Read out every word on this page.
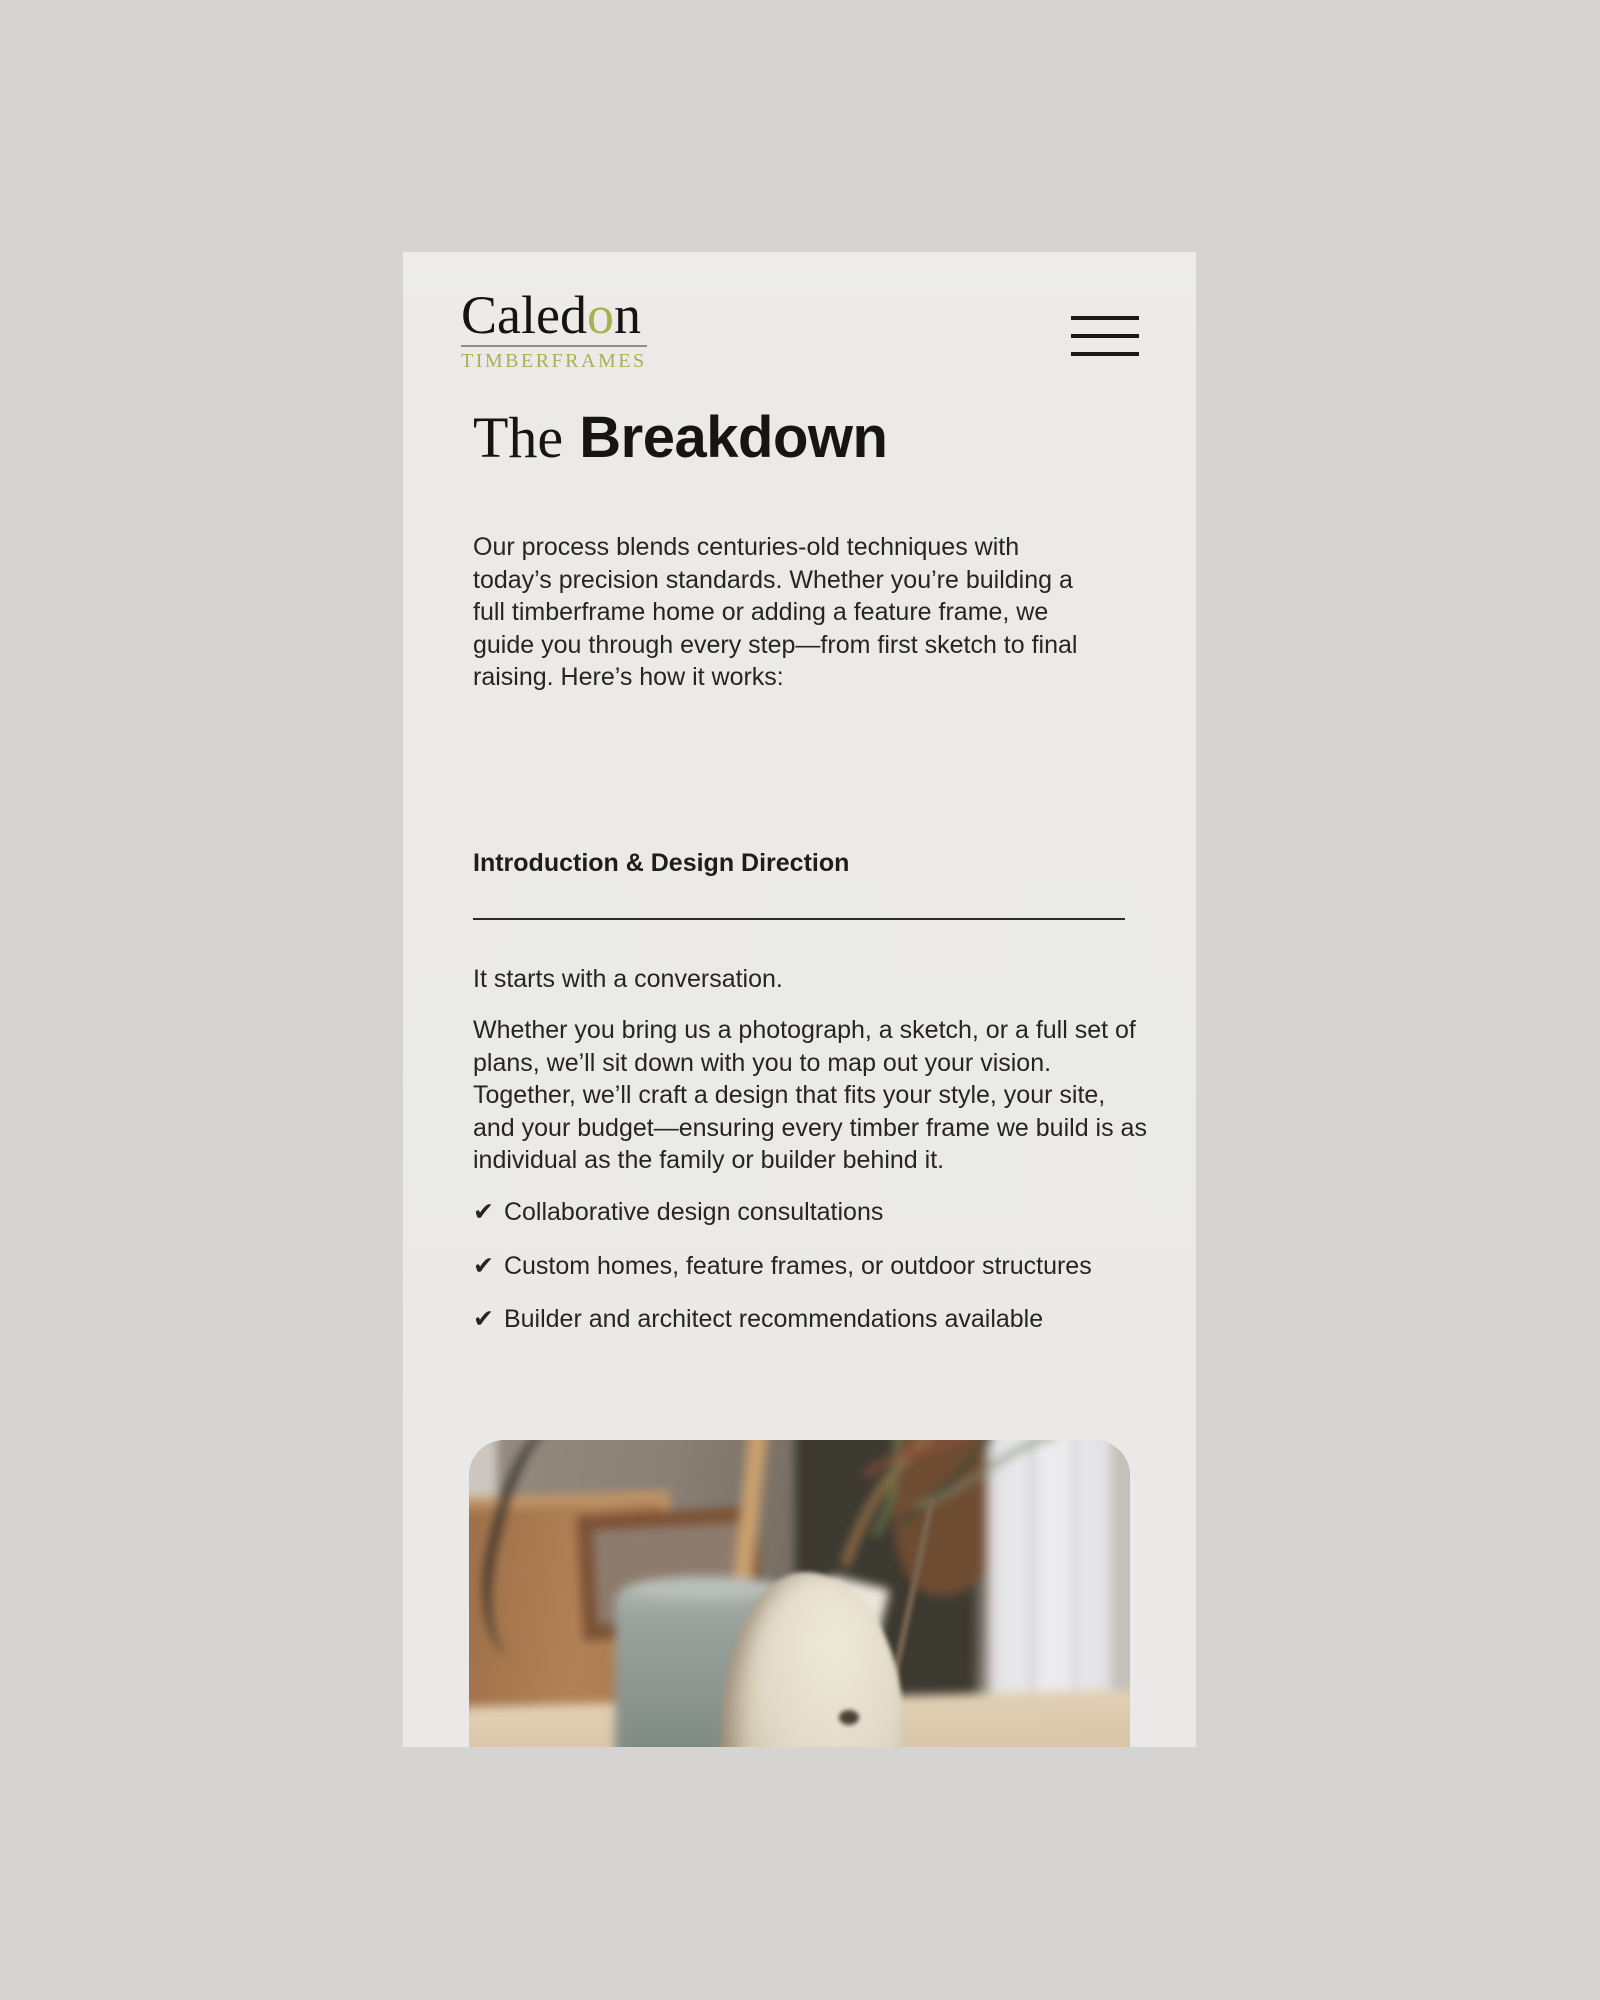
Caledon
TIMBERFRAMES
The Breakdown

Our process blends centuries-old techniques with today’s precision standards. Whether you’re building a full timberframe home or adding a feature frame, we guide you through every step—from first sketch to final raising. Here’s how it works:

Introduction & Design Direction

It starts with a conversation.

Whether you bring us a photograph, a sketch, or a full set of plans, we’ll sit down with you to map out your vision. Together, we’ll craft a design that fits your style, your site, and your budget—ensuring every timber frame we build is as individual as the family or builder behind it.

✔ Collaborative design consultations
✔ Custom homes, feature frames, or outdoor structures
✔ Builder and architect recommendations available
